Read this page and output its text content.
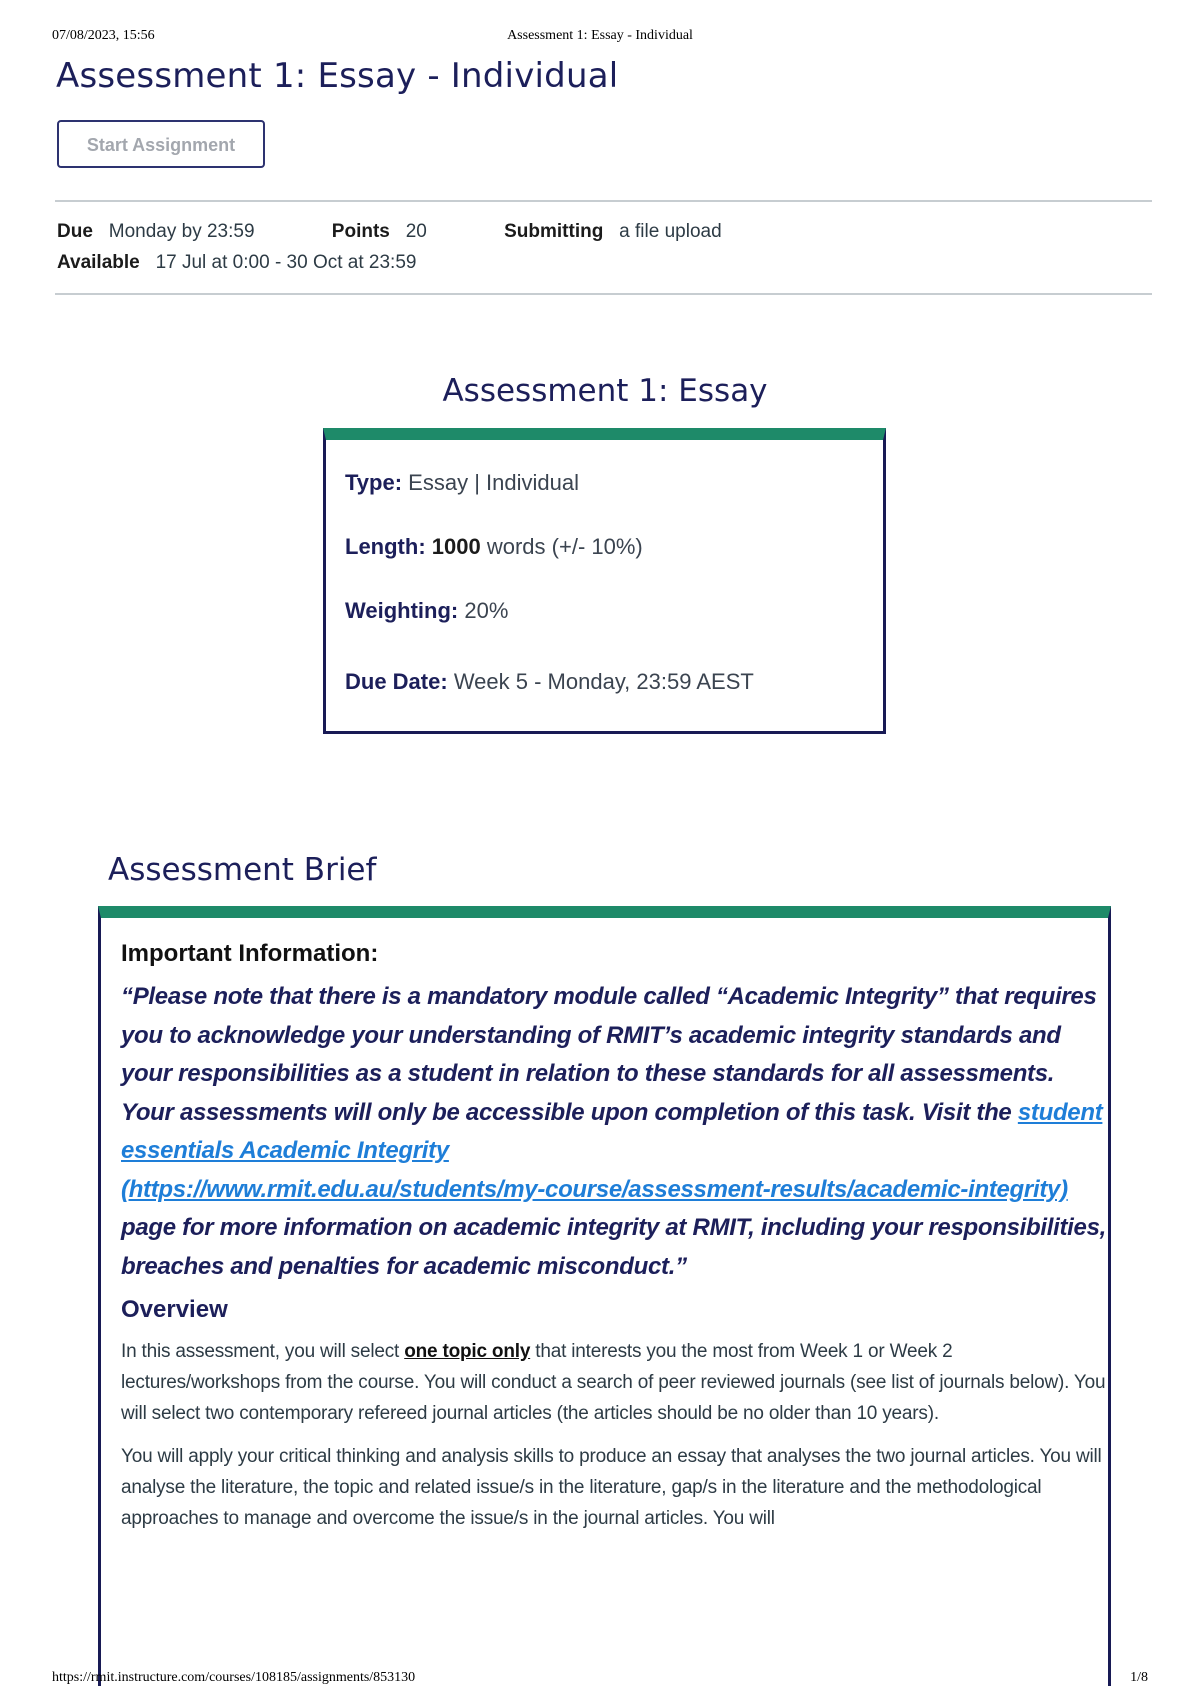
07/08/2023, 15:56	Assessment 1: Essay - Individual
Assessment 1: Essay - Individual
Start Assignment
Due Monday by 23:59	Points 20	Submitting a file upload
Available 17 Jul at 0:00 - 30 Oct at 23:59
Assessment 1: Essay
Type: Essay | Individual
Length: 1000 words (+/- 10%)
Weighting: 20%
Due Date: Week 5 - Monday, 23:59 AEST
Assessment Brief

Important Information:

“Please note that there is a mandatory module called “Academic Integrity” that requires you to acknowledge your understanding of RMIT’s academic integrity standards and your responsibilities as a student in relation to these standards for all assessments. Your assessments will only be accessible upon completion of this task. Visit the student essentials Academic Integrity
(https://www.rmit.edu.au/students/my-course/assessment-results/academic-integrity)
page for more information on academic integrity at RMIT, including your responsibilities, breaches and penalties for academic misconduct.”

Overview

In this assessment, you will select one topic only that interests you the most from Week 1 or Week 2 lectures/workshops from the course. You will conduct a search of peer reviewed journals (see list of journals below). You will select two contemporary refereed journal articles (the articles should be no older than 10 years).

You will apply your critical thinking and analysis skills to produce an essay that analyses the two journal articles. You will analyse the literature, the topic and related issue/s in the literature, gap/s in the literature and the methodological approaches to manage and overcome the issue/s in the journal articles. You will

https://rmit.instructure.com/courses/108185/assignments/853130	1/8
